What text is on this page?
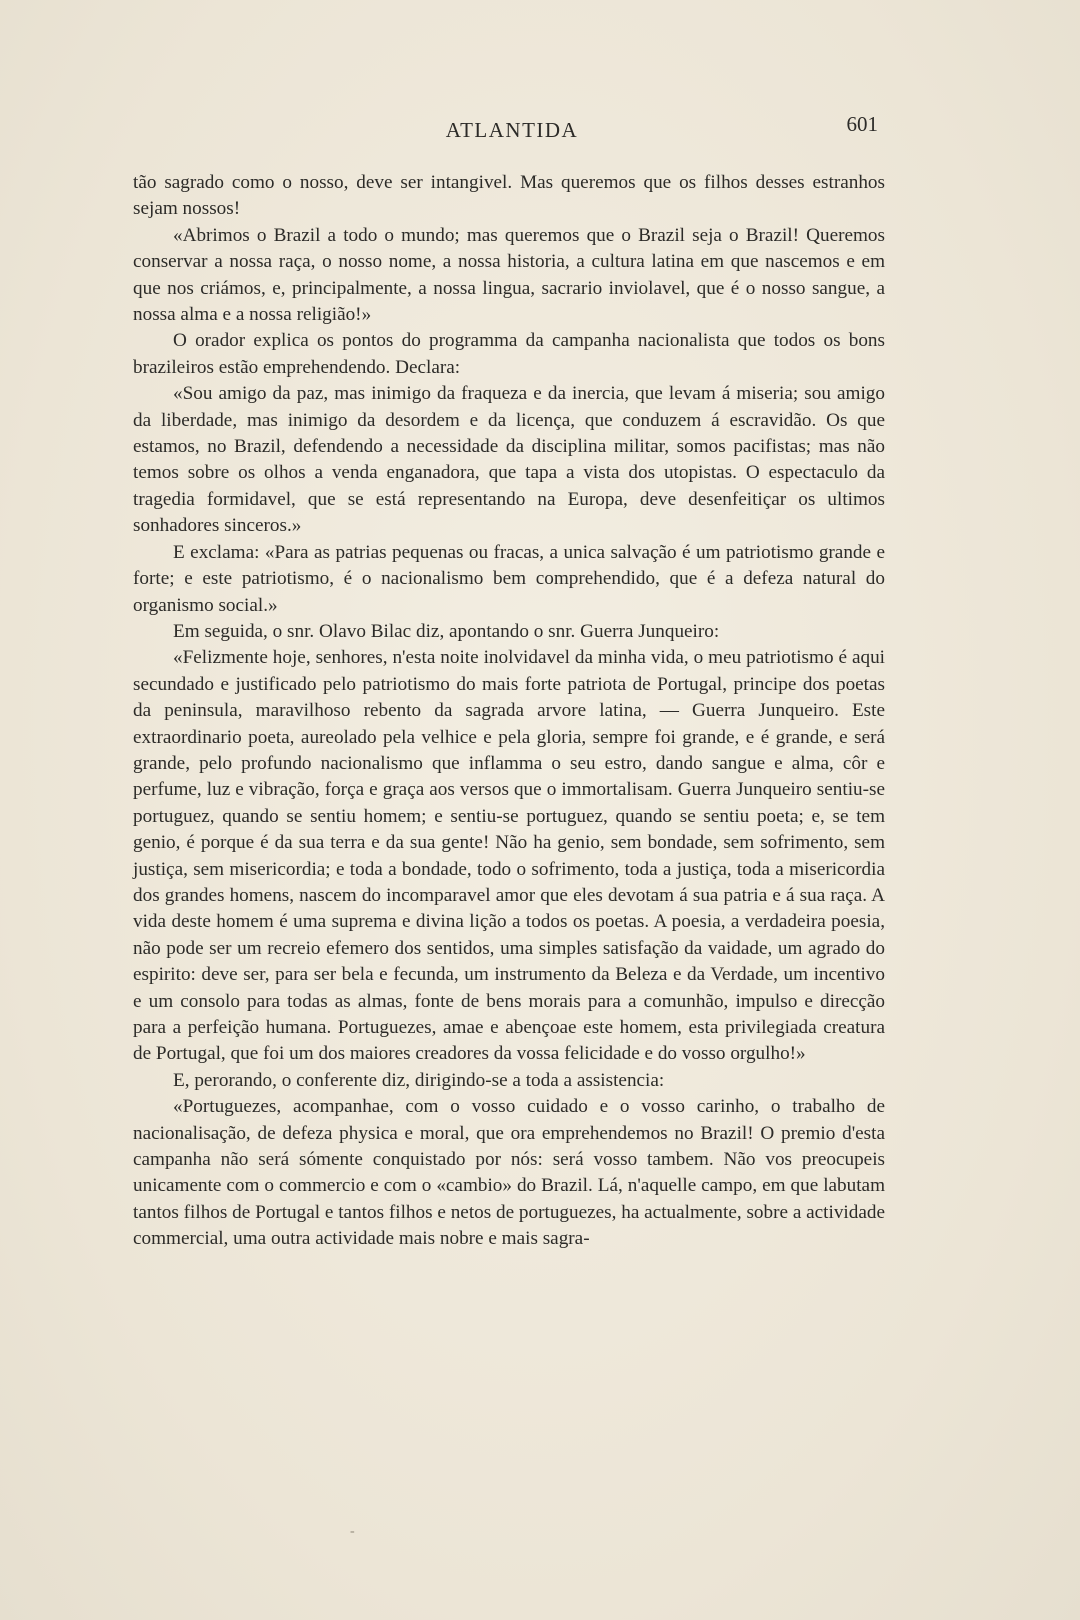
ATLANTIDA	601

tão sagrado como o nosso, deve ser intangivel. Mas queremos que os filhos desses estranhos sejam nossos!

«Abrimos o Brazil a todo o mundo; mas queremos que o Brazil seja o Brazil! Queremos conservar a nossa raça, o nosso nome, a nossa historia, a cultura latina em que nascemos e em que nos criámos, e, principalmente, a nossa lingua, sacrario inviolavel, que é o nosso sangue, a nossa alma e a nossa religião!»

O orador explica os pontos do programma da campanha nacionalista que todos os bons brazileiros estão emprehendendo. Declara:

«Sou amigo da paz, mas inimigo da fraqueza e da inercia, que levam á miseria; sou amigo da liberdade, mas inimigo da desordem e da licença, que conduzem á escravidão. Os que estamos, no Brazil, defendendo a necessidade da disciplina militar, somos pacifistas; mas não temos sobre os olhos a venda enganadora, que tapa a vista dos utopistas. O espectaculo da tragedia formidavel, que se está representando na Europa, deve desenfeitiçar os ultimos sonhadores sinceros.»

E exclama: «Para as patrias pequenas ou fracas, a unica salvação é um patriotismo grande e forte; e este patriotismo, é o nacionalismo bem comprehendido, que é a defeza natural do organismo social.»

Em seguida, o snr. Olavo Bilac diz, apontando o snr. Guerra Junqueiro:

«Felizmente hoje, senhores, n'esta noite inolvidavel da minha vida, o meu patriotismo é aqui secundado e justificado pelo patriotismo do mais forte patriota de Portugal, principe dos poetas da peninsula, maravilhoso rebento da sagrada arvore latina, — Guerra Junqueiro. Este extraordinario poeta, aureolado pela velhice e pela gloria, sempre foi grande, e é grande, e será grande, pelo profundo nacionalismo que inflamma o seu estro, dando sangue e alma, côr e perfume, luz e vibração, força e graça aos versos que o immortalisam. Guerra Junqueiro sentiu-se portuguez, quando se sentiu homem; e sentiu-se portuguez, quando se sentiu poeta; e, se tem genio, é porque é da sua terra e da sua gente! Não ha genio, sem bondade, sem sofrimento, sem justiça, sem misericordia; e toda a bondade, todo o sofrimento, toda a justiça, toda a misericordia dos grandes homens, nascem do incomparavel amor que eles devotam á sua patria e á sua raça. A vida deste homem é uma suprema e divina lição a todos os poetas. A poesia, a verdadeira poesia, não pode ser um recreio efemero dos sentidos, uma simples satisfação da vaidade, um agrado do espirito: deve ser, para ser bela e fecunda, um instrumento da Beleza e da Verdade, um incentivo e um consolo para todas as almas, fonte de bens morais para a comunhão, impulso e direcção para a perfeição humana. Portuguezes, amae e abençoae este homem, esta privilegiada creatura de Portugal, que foi um dos maiores creadores da vossa felicidade e do vosso orgulho!»

E, perorando, o conferente diz, dirigindo-se a toda a assistencia:

«Portuguezes, acompanhae, com o vosso cuidado e o vosso carinho, o trabalho de nacionalisação, de defeza physica e moral, que ora emprehendemos no Brazil! O premio d'esta campanha não será sómente conquistado por nós: será vosso tambem. Não vos preocupeis unicamente com o commercio e com o «cambio» do Brazil. Lá, n'aquelle campo, em que labutam tantos filhos de Portugal e tantos filhos e netos de portuguezes, ha actualmente, sobre a actividade commercial, uma outra actividade mais nobre e mais sagra-

-
